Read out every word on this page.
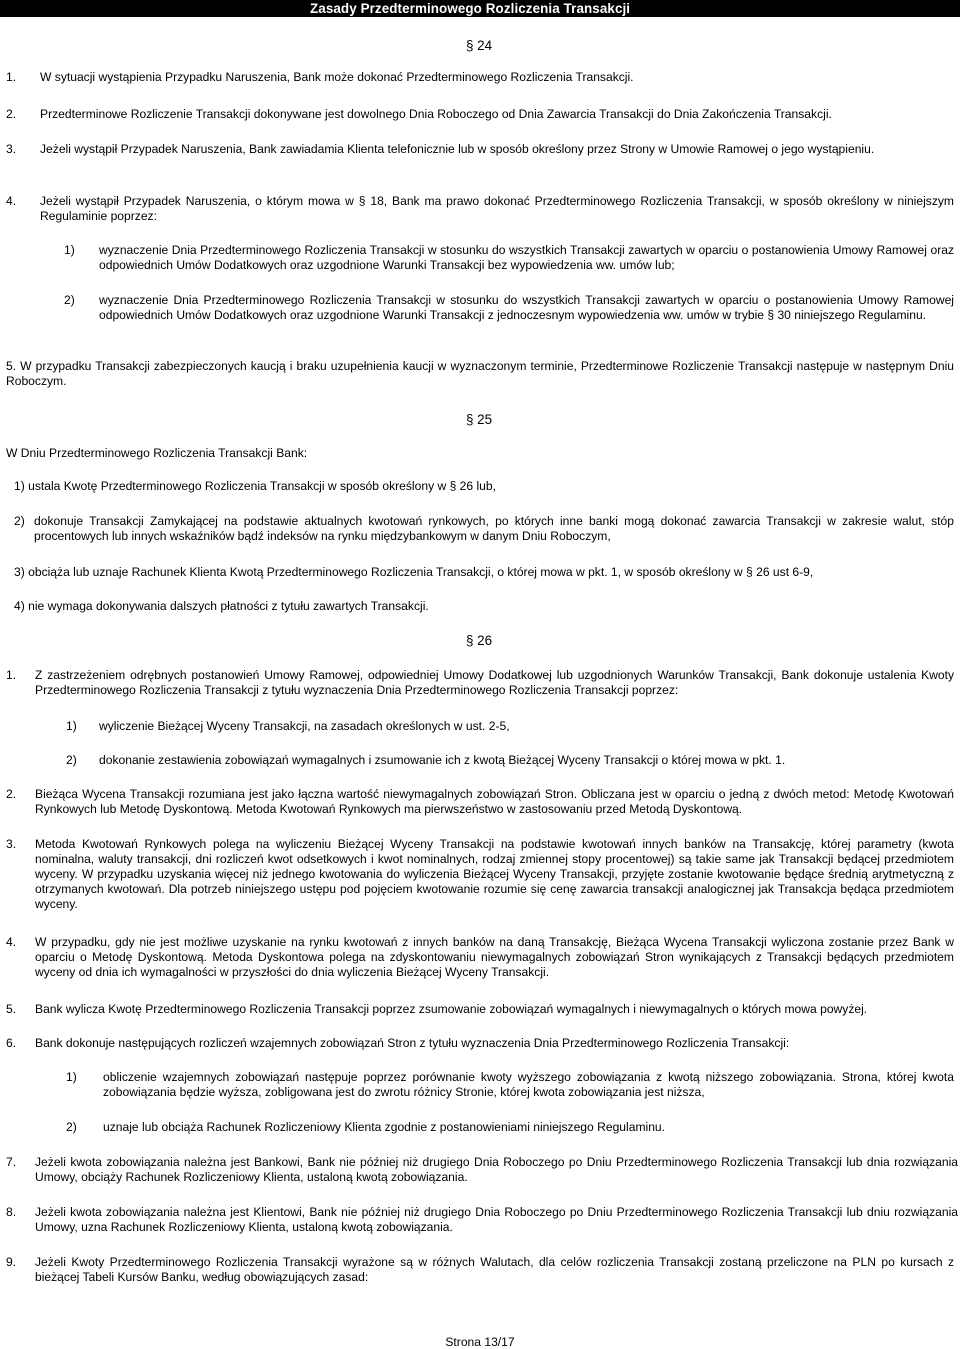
Zasady Przedterminowego Rozliczenia Transakcji
§ 24
1. W sytuacji wystąpienia Przypadku Naruszenia, Bank może dokonać Przedterminowego Rozliczenia Transakcji.
2. Przedterminowe Rozliczenie Transakcji dokonywane jest dowolnego Dnia Roboczego od Dnia Zawarcia Transakcji do Dnia Zakończenia Transakcji.
3. Jeżeli wystąpił Przypadek Naruszenia, Bank zawiadamia Klienta telefonicznie lub w sposób określony przez Strony w Umowie Ramowej o jego wystąpieniu.
4. Jeżeli wystąpił Przypadek Naruszenia, o którym mowa w § 18, Bank ma prawo dokonać Przedterminowego Rozliczenia Transakcji, w sposób określony w niniejszym Regulaminie poprzez:
1) wyznaczenie Dnia Przedterminowego Rozliczenia Transakcji w stosunku do wszystkich Transakcji zawartych w oparciu o postanowienia Umowy Ramowej oraz odpowiednich Umów Dodatkowych oraz uzgodnione Warunki Transakcji bez wypowiedzenia ww. umów lub;
2) wyznaczenie Dnia Przedterminowego Rozliczenia Transakcji w stosunku do wszystkich Transakcji zawartych w oparciu o postanowienia Umowy Ramowej odpowiednich Umów Dodatkowych oraz uzgodnione Warunki Transakcji z jednoczesnym wypowiedzenia ww. umów w trybie § 30 niniejszego Regulaminu.
5. W przypadku Transakcji zabezpieczonych kaucją i braku uzupełnienia kaucji w wyznaczonym terminie, Przedterminowe Rozliczenie Transakcji następuje w następnym Dniu Roboczym.
§ 25
W Dniu Przedterminowego Rozliczenia Transakcji Bank:
1) ustala Kwotę Przedterminowego Rozliczenia Transakcji w sposób określony w § 26 lub,
2) dokonuje Transakcji Zamykającej na podstawie aktualnych kwotowań rynkowych, po których inne banki mogą dokonać zawarcia Transakcji w zakresie walut, stóp procentowych lub innych wskaźników bądź indeksów na rynku międzybankowym w danym Dniu Roboczym,
3) obciąża lub uznaje Rachunek Klienta Kwotą Przedterminowego Rozliczenia Transakcji, o której mowa w pkt. 1, w sposób określony w § 26 ust 6-9,
4) nie wymaga dokonywania dalszych płatności z tytułu zawartych Transakcji.
§ 26
1. Z zastrzeżeniem odrębnych postanowień Umowy Ramowej, odpowiedniej Umowy Dodatkowej lub uzgodnionych Warunków Transakcji, Bank dokonuje ustalenia Kwoty Przedterminowego Rozliczenia Transakcji z tytułu wyznaczenia Dnia Przedterminowego Rozliczenia Transakcji poprzez:
1) wyliczenie Bieżącej Wyceny Transakcji, na zasadach określonych w ust. 2-5,
2) dokonanie zestawienia zobowiązań wymagalnych i zsumowanie ich z kwotą Bieżącej Wyceny Transakcji o której mowa w pkt. 1.
2. Bieżąca Wycena Transakcji rozumiana jest jako łączna wartość niewymagalnych zobowiązań Stron. Obliczana jest w oparciu o jedną z dwóch metod: Metodę Kwotowań Rynkowych lub Metodę Dyskontową. Metoda Kwotowań Rynkowych ma pierwszeństwo w zastosowaniu przed Metodą Dyskontową.
3. Metoda Kwotowań Rynkowych polega na wyliczeniu Bieżącej Wyceny Transakcji na podstawie kwotowań innych banków na Transakcję, której parametry (kwota nominalna, waluty transakcji, dni rozliczeń kwot odsetkowych i kwot nominalnych, rodzaj zmiennej stopy procentowej) są takie same jak Transakcji będącej przedmiotem wyceny. W przypadku uzyskania więcej niż jednego kwotowania do wyliczenia Bieżącej Wyceny Transakcji, przyjęte zostanie kwotowanie będące średnią arytmetyczną z otrzymanych kwotowań. Dla potrzeb niniejszego ustępu pod pojęciem kwotowanie rozumie się cenę zawarcia transakcji analogicznej jak Transakcja będąca przedmiotem wyceny.
4. W przypadku, gdy nie jest możliwe uzyskanie na rynku kwotowań z innych banków na daną Transakcję, Bieżąca Wycena Transakcji wyliczona zostanie przez Bank w oparciu o Metodę Dyskontową. Metoda Dyskontowa polega na zdyskontowaniu niewymagalnych zobowiązań Stron wynikających z Transakcji będących przedmiotem wyceny od dnia ich wymagalności w przyszłości do dnia wyliczenia Bieżącej Wyceny Transakcji.
5. Bank wylicza Kwotę Przedterminowego Rozliczenia Transakcji poprzez zsumowanie zobowiązań wymagalnych i niewymagalnych o których mowa powyżej.
6. Bank dokonuje następujących rozliczeń wzajemnych zobowiązań Stron z tytułu wyznaczenia Dnia Przedterminowego Rozliczenia Transakcji:
1) obliczenie wzajemnych zobowiązań następuje poprzez porównanie kwoty wyższego zobowiązania z kwotą niższego zobowiązania. Strona, której kwota zobowiązania będzie wyższa, zobligowana jest do zwrotu różnicy Stronie, której kwota zobowiązania jest niższa,
2) uznaje lub obciąża Rachunek Rozliczeniowy Klienta zgodnie z postanowieniami niniejszego Regulaminu.
7. Jeżeli kwota zobowiązania należna jest Bankowi, Bank nie później niż drugiego Dnia Roboczego po Dniu Przedterminowego Rozliczenia Transakcji lub dnia rozwiązania Umowy, obciąży Rachunek Rozliczeniowy Klienta, ustaloną kwotą zobowiązania.
8. Jeżeli kwota zobowiązania należna jest Klientowi, Bank nie później niż drugiego Dnia Roboczego po Dniu Przedterminowego Rozliczenia Transakcji lub dniu rozwiązania Umowy, uzna Rachunek Rozliczeniowy Klienta, ustaloną kwotą zobowiązania.
9. Jeżeli Kwoty Przedterminowego Rozliczenia Transakcji wyrażone są w różnych Walutach, dla celów rozliczenia Transakcji zostaną przeliczone na PLN po kursach z bieżącej Tabeli Kursów Banku, według obowiązujących zasad:
Strona 13/17
